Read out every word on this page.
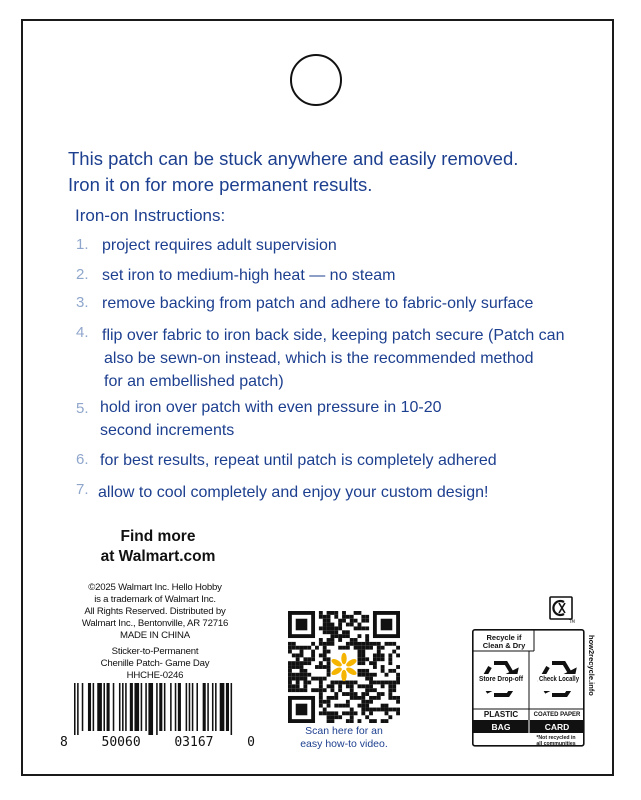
This patch can be stuck anywhere and easily removed.
Iron it on for more permanent results.
Iron-on Instructions:
1. project requires adult supervision
2. set iron to medium-high heat — no steam
3. remove backing from patch and adhere to fabric-only surface
4. flip over fabric to iron back side, keeping patch secure (Patch can
also be sewn-on instead, which is the recommended method
for an embellished patch)
5. hold iron over patch with even pressure in 10-20
second increments
6. for best results, repeat until patch is completely adhered
7. allow to cool completely and enjoy your custom design!
Find more
at Walmart.com
©2025 Walmart Inc. Hello Hobby
is a trademark of Walmart Inc.
All Rights Reserved. Distributed by
Walmart Inc., Bentonville, AR 72716
MADE IN CHINA
Sticker-to-Permanent
Chenille Patch- Game Day
HHCHE-0246
8	50060	03167	0
Scan here for an
easy how-to video.
TM
Recycle if
Clean & Dry
Store Drop-off Check Locally
PLASTIC	COATED PAPER
BAG	CARD
*Not recycled in
all communities
how2recycle.info
